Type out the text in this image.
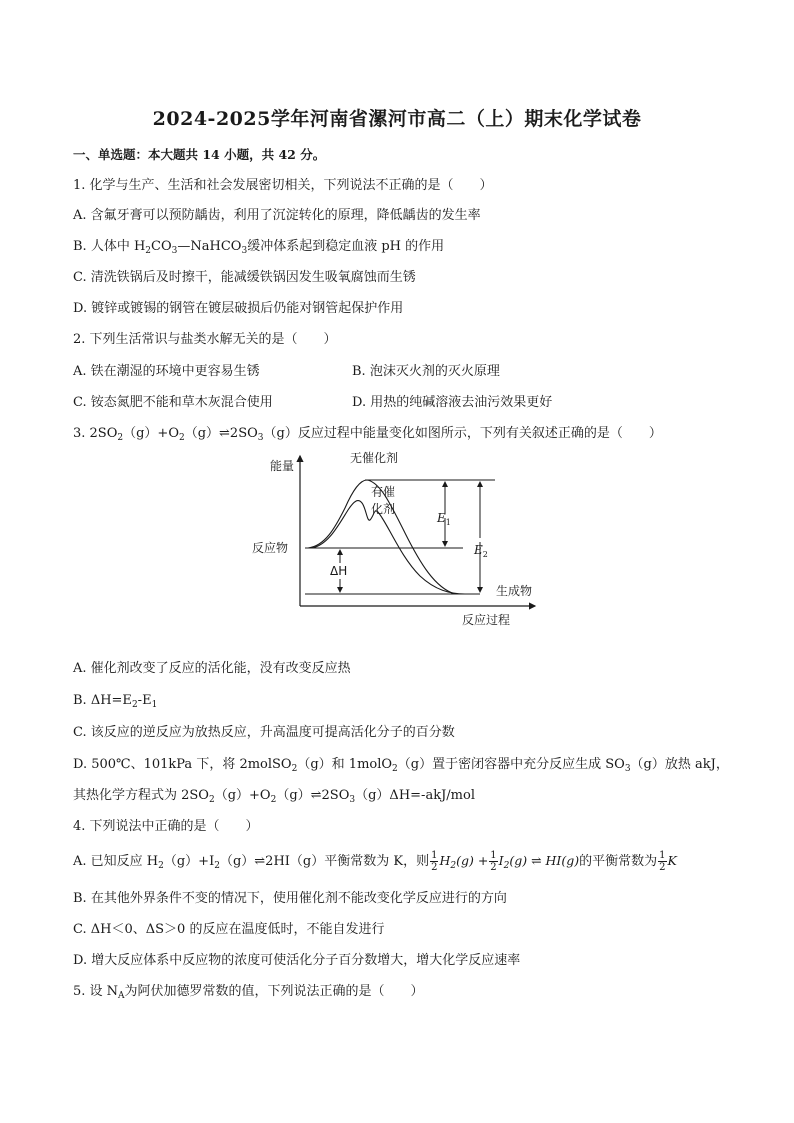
2024-2025学年河南省漯河市高二（上）期末化学试卷
一、单选题：本大题共 14 小题，共 42 分。
1. 化学与生产、生活和社会发展密切相关，下列说法不正确的是（　　）
A. 含氟牙膏可以预防龋齿，利用了沉淀转化的原理，降低龋齿的发生率
B. 人体中 $H_2CO_3—NaHCO_3$缓冲体系起到稳定血液 pH 的作用
C. 清洗铁锅后及时擦干，能减缓铁锅因发生吸氧腐蚀而生锈
D. 镀锌或镀锡的钢管在镀层破损后仍能对钢管起保护作用
2. 下列生活常识与盐类水解无关的是（　　）
A. 铁在潮湿的环境中更容易生锈	B. 泡沫灭火剂的灭火原理
C. 铵态氮肥不能和草木灰混合使用	D. 用热的纯碱溶液去油污效果更好
3. $2SO_2(g)+O_2(g)\rightleftharpoons 2SO_3(g)$反应过程中能量变化如图所示，下列有关叙述正确的是（　　）
能量
反应过程
反应物
生成物
无催化剂
有催
化剂
$E_1$
$E_2$
ΔH
A. 催化剂改变了反应的活化能，没有改变反应热
B. $\Delta H=E_2-E_1$
C. 该反应的逆反应为放热反应，升高温度可提高活化分子的百分数
D. 500℃、101kPa 下，将 2molSO$_2$（g）和 1molO$_2$（g）置于密闭容器中充分反应生成 $SO_3(g)$放热 akJ，
其热化学方程式为 $2SO_2(g)+O_2(g)\rightleftharpoons 2SO_3(g)\Delta H=-akJ$/mol
4. 下列说法中正确的是（　　）
A. 已知反应 $H_2(g)+I_2(g)\rightleftharpoons 2HI(g)$平衡常数为 K，则 $\frac{1}{2} H_2(g) + \frac{1}{2} I_2(g)$ ⇌ HI(g)的平衡常数为 $\frac{1}{2}$ K
B. 在其他外界条件不变的情况下，使用催化剂不能改变化学反应进行的方向
C. ΔH＜0、ΔS＞0 的反应在温度低时，不能自发进行
D. 增大反应体系中反应物的浓度可使活化分子百分数增大，增大化学反应速率
5. 设 $N_A$为阿伏加德罗常数的值，下列说法正确的是（　　）
